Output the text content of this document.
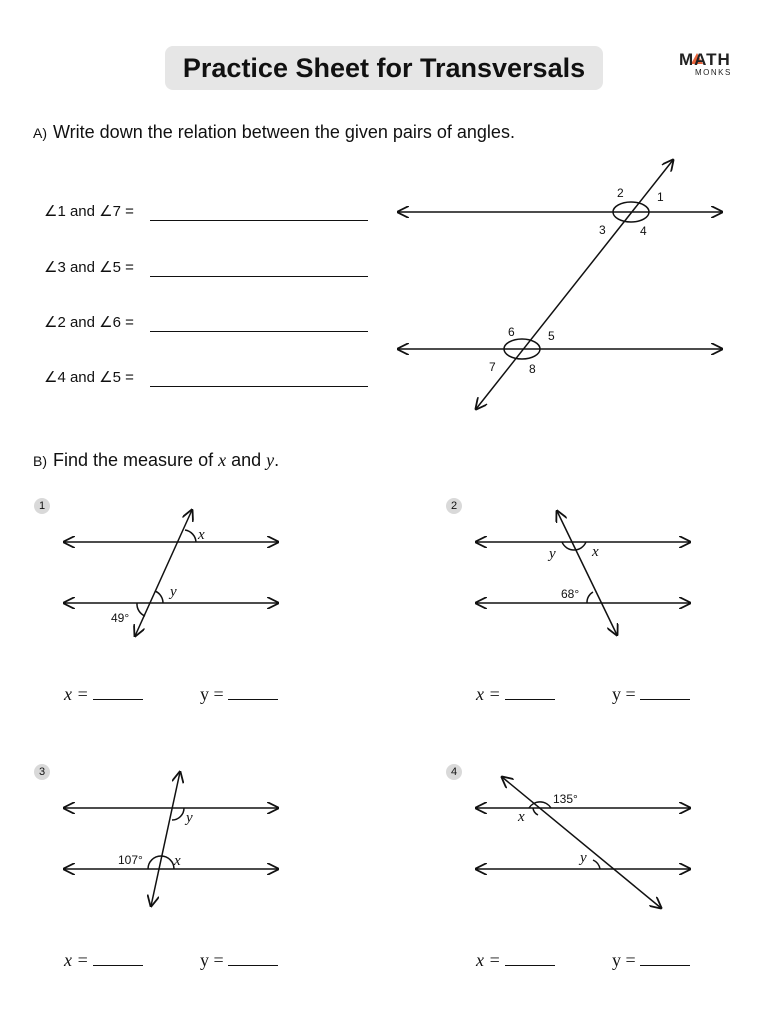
Practice Sheet for Transversals	MATH
MONKS
A) Write down the relation between the given pairs of angles.
∠1 and ∠7 =
∠3 and ∠5 =
∠2 and ∠6 =
∠4 and ∠5 =
B) Find the measure of x and y.
1	2
3	4
x =	y =	x =	y =
x =	y =	x =	y =
2	1
3	4
6	5
7	8
x
y
49°
y x
68°
y
x
107°
135°
x
y
